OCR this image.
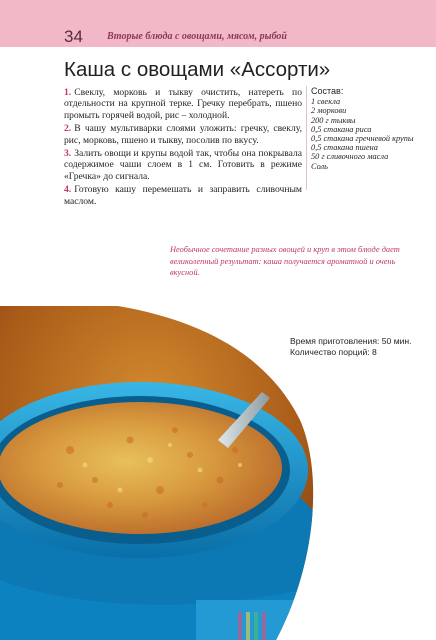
34 Вторые блюда с овощами, мясом, рыбой
Каша с овощами «Ассорти»

1. Свеклу, морковь и тыкву очистить, натереть по отдельности на крупной терке. Гречку перебрать, пшено промыть горячей водой, рис – холодной.

2. В чашу мультиварки слоями уложить: гречку, свеклу, рис, морковь, пшено и тыкву, посолив по вкусу.

3. Залить овощи и крупы водой так, чтобы она покрывала содержимое чаши слоем в 1 см. Готовить в режиме «Гречка» до сигнала.

4. Готовую кашу перемешать и заправить сливочным маслом.

Состав:
1 свекла
2 моркови
200 г тыквы
0,5 стакана риса
0,5 стакана гречневой крупы
0,5 стакана пшена
50 г сливочного масла
Соль
Необычное сочетание разных овощей и круп в этом блюде дает великолепный результат: каша получается ароматной и очень вкусной.
Время приготовления: 50 мин.
Количество порций: 8
